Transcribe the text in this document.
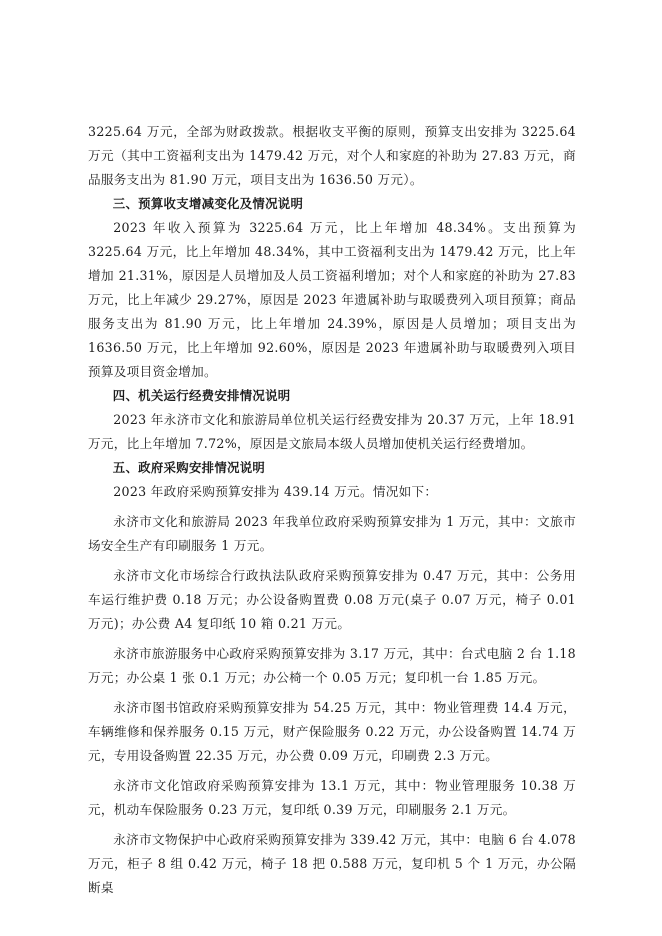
3225.64 万元，全部为财政拨款。根据收支平衡的原则，预算支出安排为 3225.64 万元（其中工资福利支出为 1479.42 万元，对个人和家庭的补助为 27.83 万元，商品服务支出为 81.90 万元，项目支出为 1636.50 万元）。

三、预算收支增减变化及情况说明

2023 年收入预算为 3225.64 万元，比上年增加 48.34%。支出预算为 3225.64 万元，比上年增加 48.34%，其中工资福利支出为 1479.42 万元，比上年增加 21.31%，原因是人员增加及人员工资福利增加；对个人和家庭的补助为 27.83 万元，比上年减少 29.27%，原因是 2023 年遗属补助与取暖费列入项目预算；商品服务支出为 81.90 万元，比上年增加 24.39%，原因是人员增加；项目支出为 1636.50 万元，比上年增加 92.60%，原因是 2023 年遗属补助与取暖费列入项目预算及项目资金增加。

四、机关运行经费安排情况说明

2023 年永济市文化和旅游局单位机关运行经费安排为 20.37 万元，上年 18.91 万元，比上年增加 7.72%，原因是文旅局本级人员增加使机关运行经费增加。

五、政府采购安排情况说明

2023 年政府采购预算安排为 439.14 万元。情况如下：

永济市文化和旅游局 2023 年我单位政府采购预算安排为 1 万元，其中：文旅市场安全生产有印刷服务 1 万元。

永济市文化市场综合行政执法队政府采购预算安排为 0.47 万元，其中：公务用车运行维护费 0.18 万元；办公设备购置费 0.08 万元(桌子 0.07 万元，椅子 0.01 万元)；办公费 A4 复印纸 10 箱 0.21 万元。

永济市旅游服务中心政府采购预算安排为 3.17 万元，其中：台式电脑 2 台 1.18 万元；办公桌 1 张 0.1 万元；办公椅一个 0.05 万元；复印机一台 1.85 万元。

永济市图书馆政府采购预算安排为 54.25 万元，其中：物业管理费 14.4 万元，车辆维修和保养服务 0.15 万元，财产保险服务 0.22 万元，办公设备购置 14.74 万元，专用设备购置 22.35 万元，办公费 0.09 万元，印刷费 2.3 万元。

永济市文化馆政府采购预算安排为 13.1 万元，其中：物业管理服务 10.38 万元，机动车保险服务 0.23 万元，复印纸 0.39 万元，印刷服务 2.1 万元。

永济市文物保护中心政府采购预算安排为 339.42 万元，其中：电脑 6 台 4.078 万元，柜子 8 组 0.42 万元，椅子 18 把 0.588 万元，复印机 5 个 1 万元，办公隔断桌
